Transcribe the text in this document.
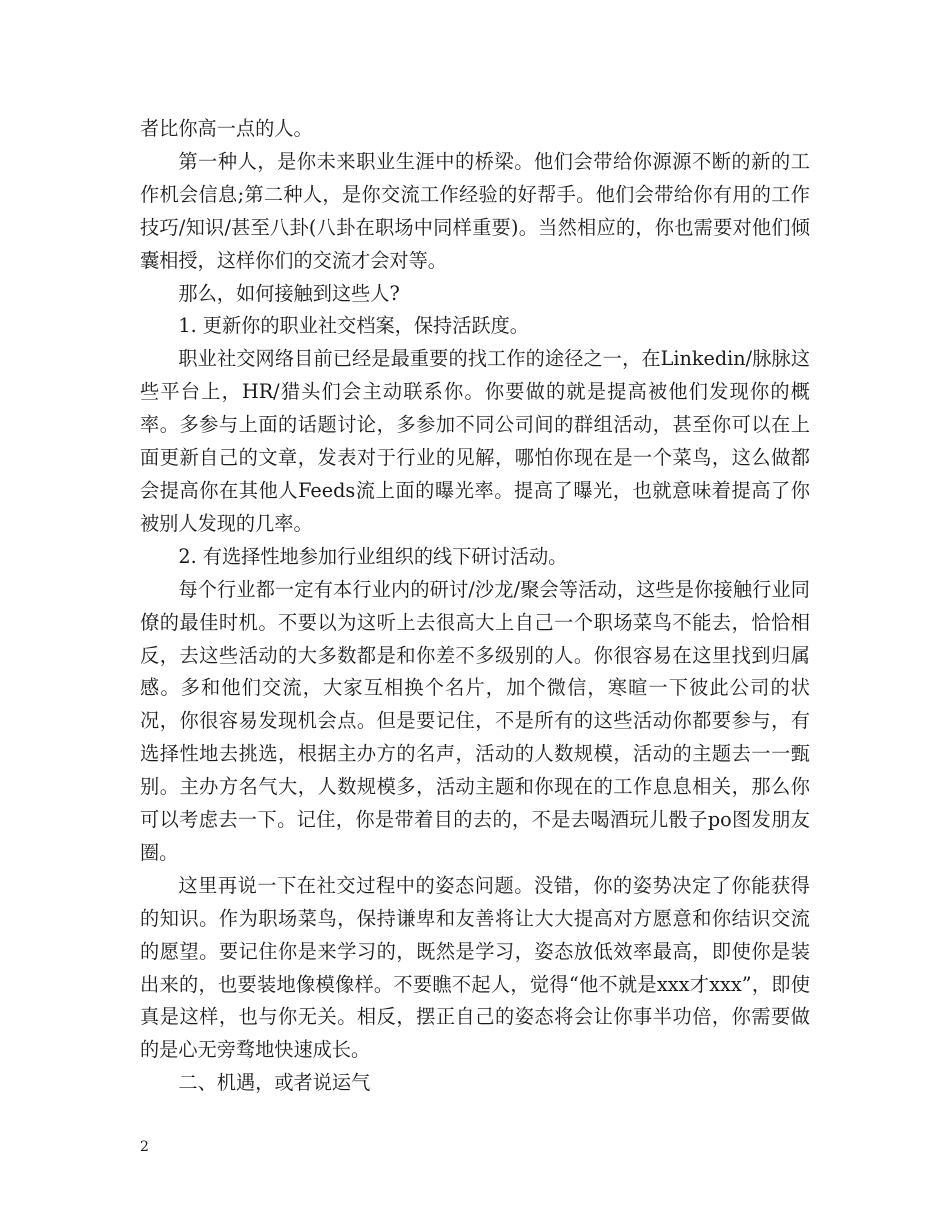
者比你高一点的人。

第一种人，是你未来职业生涯中的桥梁。他们会带给你源源不断的新的工作机会信息;第二种人，是你交流工作经验的好帮手。他们会带给你有用的工作技巧/知识/甚至八卦(八卦在职场中同样重要)。当然相应的，你也需要对他们倾囊相授，这样你们的交流才会对等。

那么，如何接触到这些人?

1. 更新你的职业社交档案，保持活跃度。

职业社交网络目前已经是最重要的找工作的途径之一，在Linkedin/脉脉这些平台上，HR/猎头们会主动联系你。你要做的就是提高被他们发现你的概率。多参与上面的话题讨论，多参加不同公司间的群组活动，甚至你可以在上面更新自己的文章，发表对于行业的见解，哪怕你现在是一个菜鸟，这么做都会提高你在其他人Feeds流上面的曝光率。提高了曝光，也就意味着提高了你被别人发现的几率。

2. 有选择性地参加行业组织的线下研讨活动。

每个行业都一定有本行业内的研讨/沙龙/聚会等活动，这些是你接触行业同僚的最佳时机。不要以为这听上去很高大上自己一个职场菜鸟不能去，恰恰相反，去这些活动的大多数都是和你差不多级别的人。你很容易在这里找到归属感。多和他们交流，大家互相换个名片，加个微信，寒暄一下彼此公司的状况，你很容易发现机会点。但是要记住，不是所有的这些活动你都要参与，有选择性地去挑选，根据主办方的名声，活动的人数规模，活动的主题去一一甄别。主办方名气大，人数规模多，活动主题和你现在的工作息息相关，那么你可以考虑去一下。记住，你是带着目的去的，不是去喝酒玩儿骰子po图发朋友圈。

这里再说一下在社交过程中的姿态问题。没错，你的姿势决定了你能获得的知识。作为职场菜鸟，保持谦卑和友善将让大大提高对方愿意和你结识交流的愿望。要记住你是来学习的，既然是学习，姿态放低效率最高，即使你是装出来的，也要装地像模像样。不要瞧不起人，觉得“他不就是xxx才xxx”，即使真是这样，也与你无关。相反，摆正自己的姿态将会让你事半功倍，你需要做的是心无旁骛地快速成长。

二、机遇，或者说运气

2
